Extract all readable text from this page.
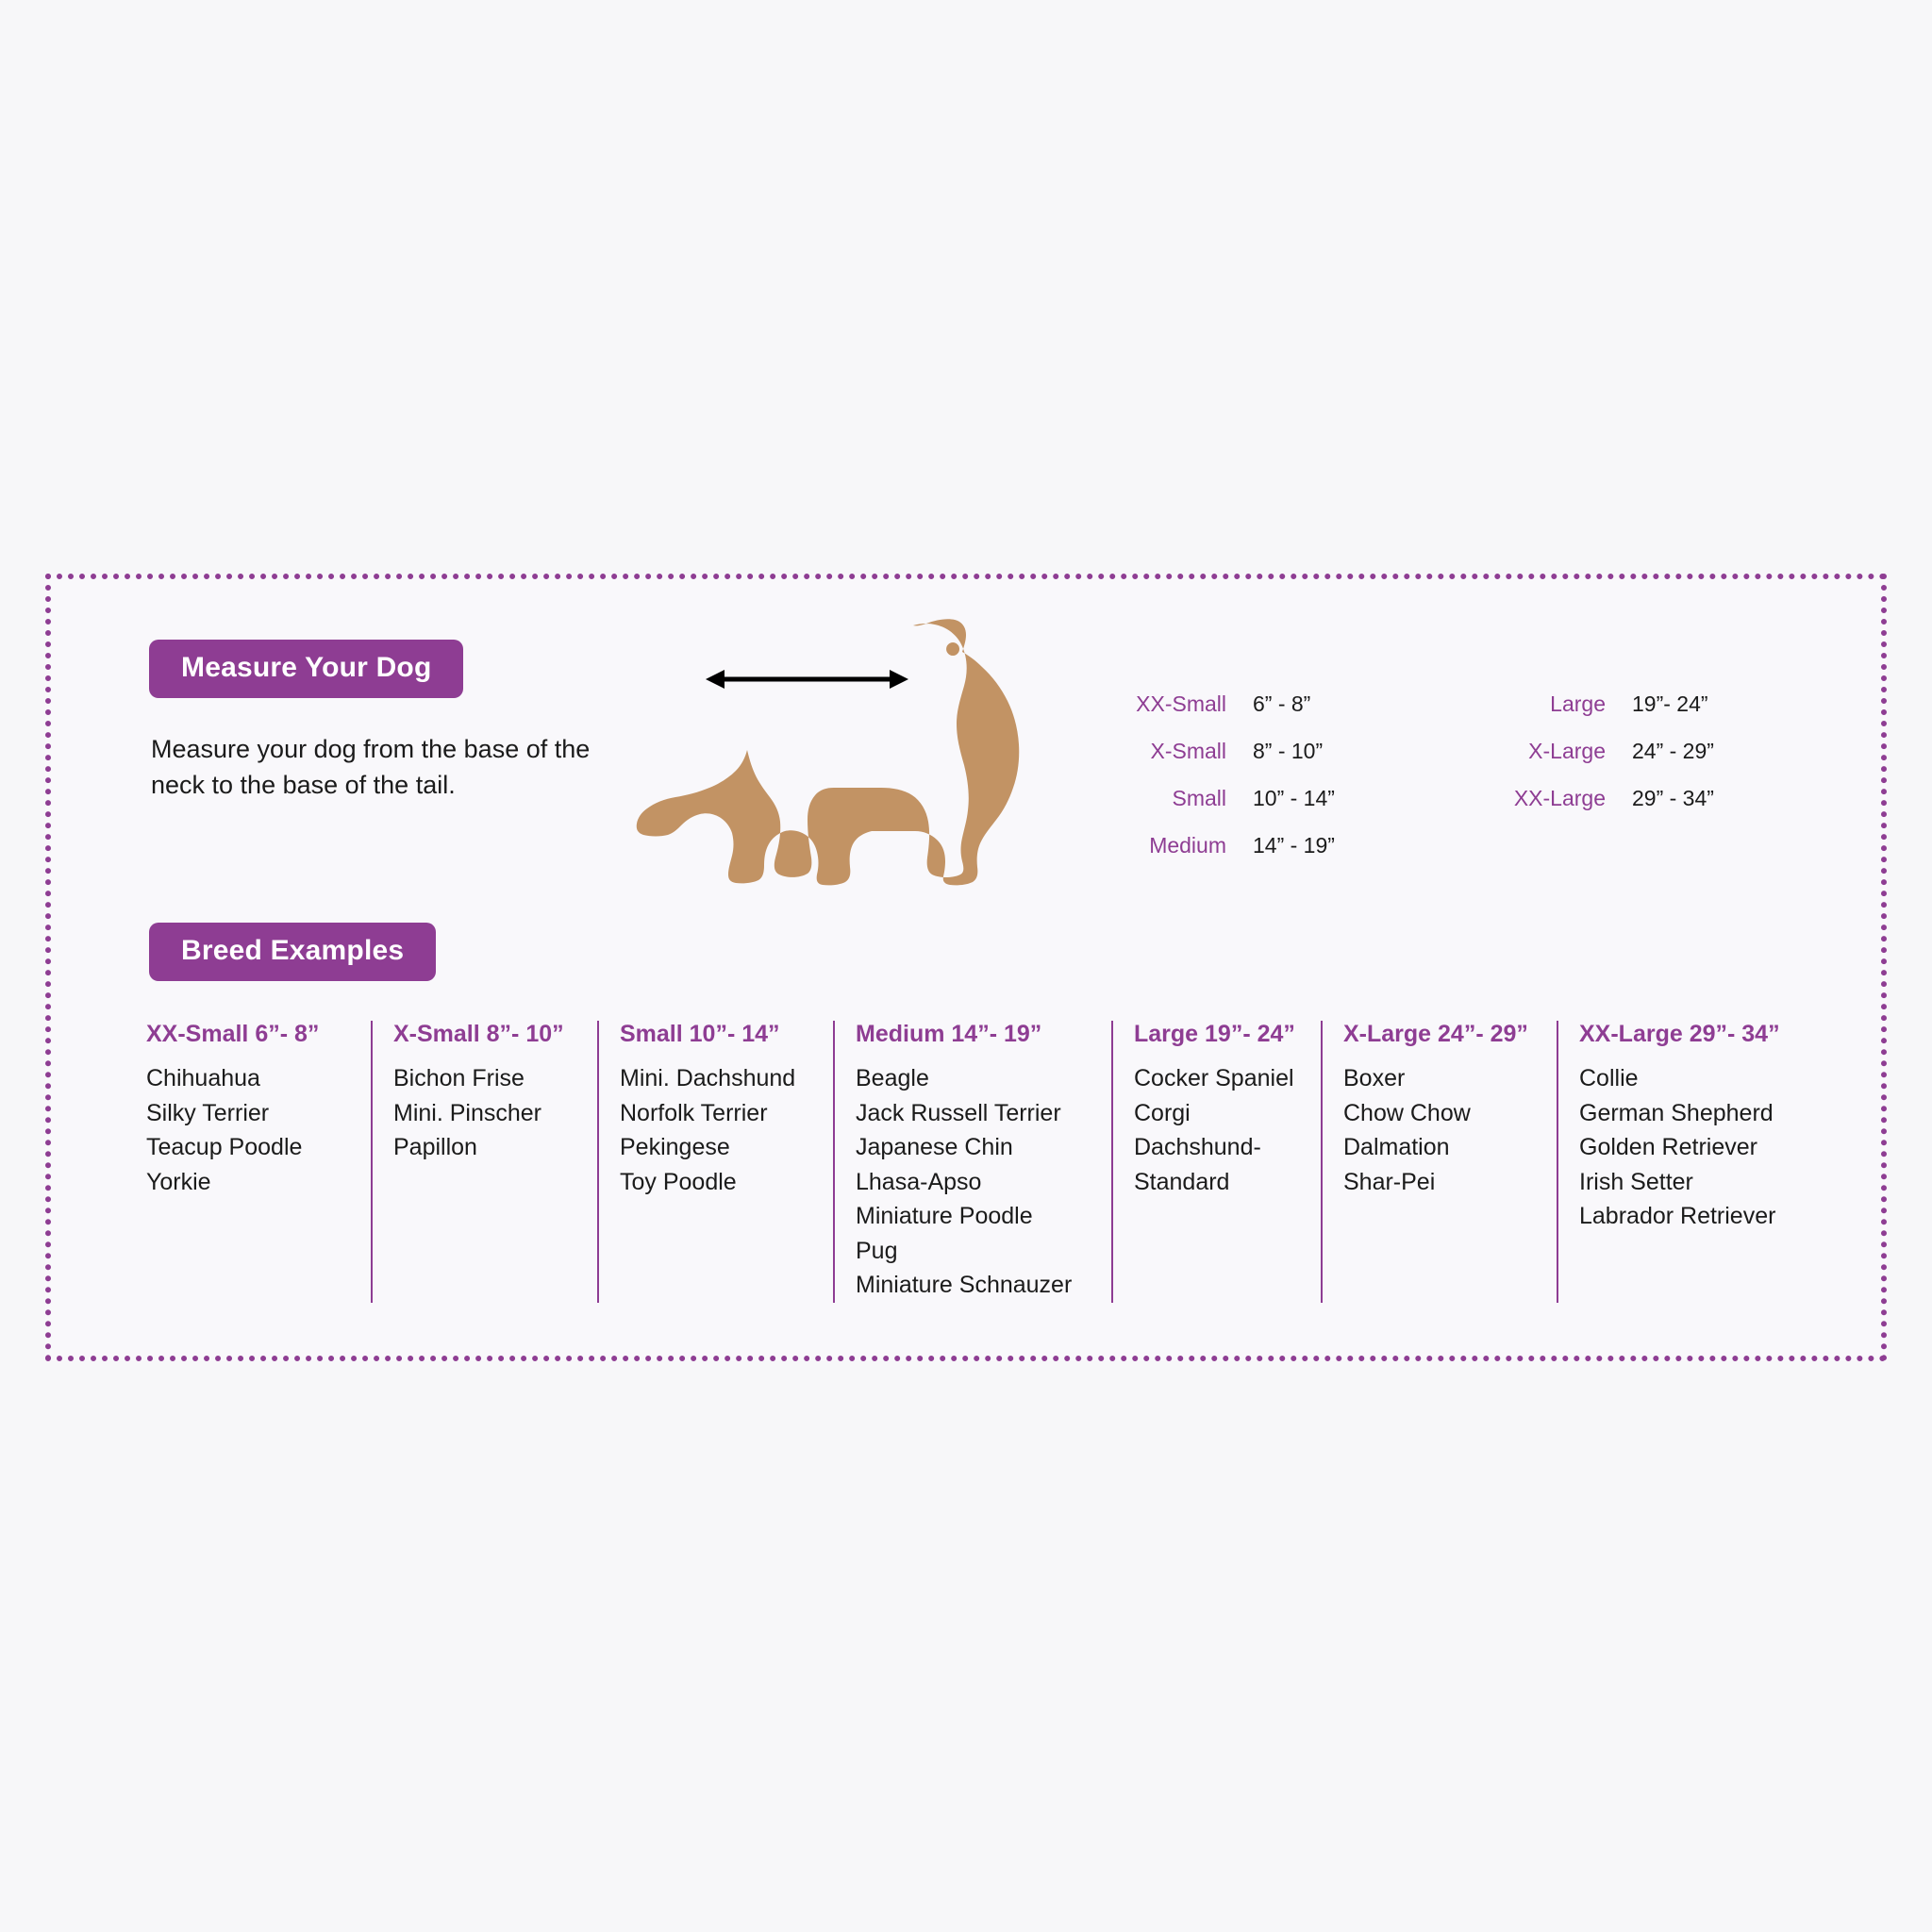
Measure Your Dog
Measure your dog from the base of the neck to the base of the tail.
XX-Small	6” - 8”
X-Small	8” - 10”
Small	10” - 14”
Medium	14” - 19”
Large	19”- 24”
X-Large	24” - 29”
XX-Large	29” - 34”
Breed Examples
XX-Small 6”- 8”
Chihuahua
Silky Terrier
Teacup Poodle
Yorkie
X-Small 8”- 10”
Bichon Frise
Mini. Pinscher
Papillon
Small 10”- 14”
Mini. Dachshund
Norfolk Terrier
Pekingese
Toy Poodle
Medium 14”- 19”
Beagle
Jack Russell Terrier
Japanese Chin
Lhasa-Apso
Miniature Poodle
Pug
Miniature Schnauzer
Large 19”- 24”
Cocker Spaniel
Corgi
Dachshund-
Standard
X-Large 24”- 29”
Boxer
Chow Chow
Dalmation
Shar-Pei
XX-Large 29”- 34”
Collie
German Shepherd
Golden Retriever
Irish Setter
Labrador Retriever
